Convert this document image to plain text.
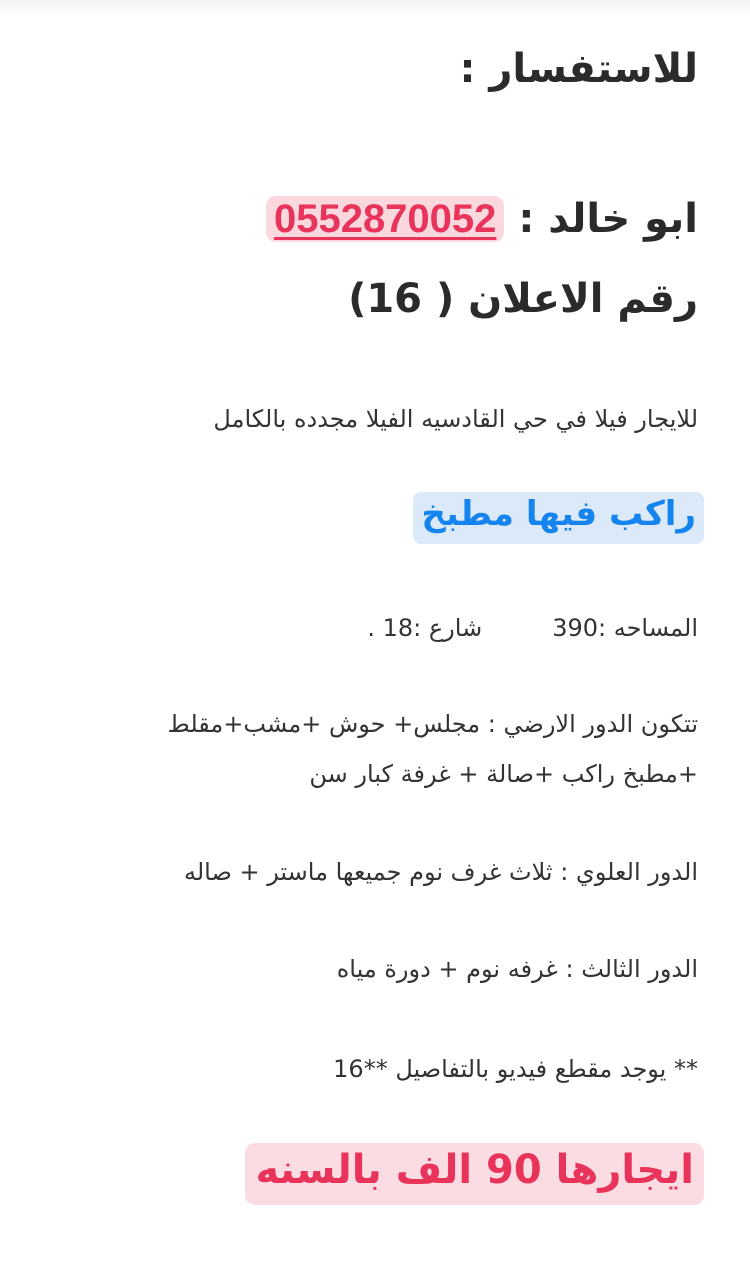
للاستفسار :
ابو خالد : 0552870052
رقم الاعلان ( 16)
للايجار فيلا في حي القادسيه الفيلا مجدده بالكامل
راكب فيها مطبخ
المساحه :390شارع :18 .
تتكون الدور الارضي : مجلس+ حوش +مشب+مقلط
+مطبخ راكب +صالة + غرفة كبار سن
الدور العلوي : ثلاث غرف نوم جميعها ماستر + صاله
الدور الثالث : غرفه نوم + دورة مياه
** يوجد مقطع فيديو بالتفاصيل **16
ايجارها 90 الف بالسنه
